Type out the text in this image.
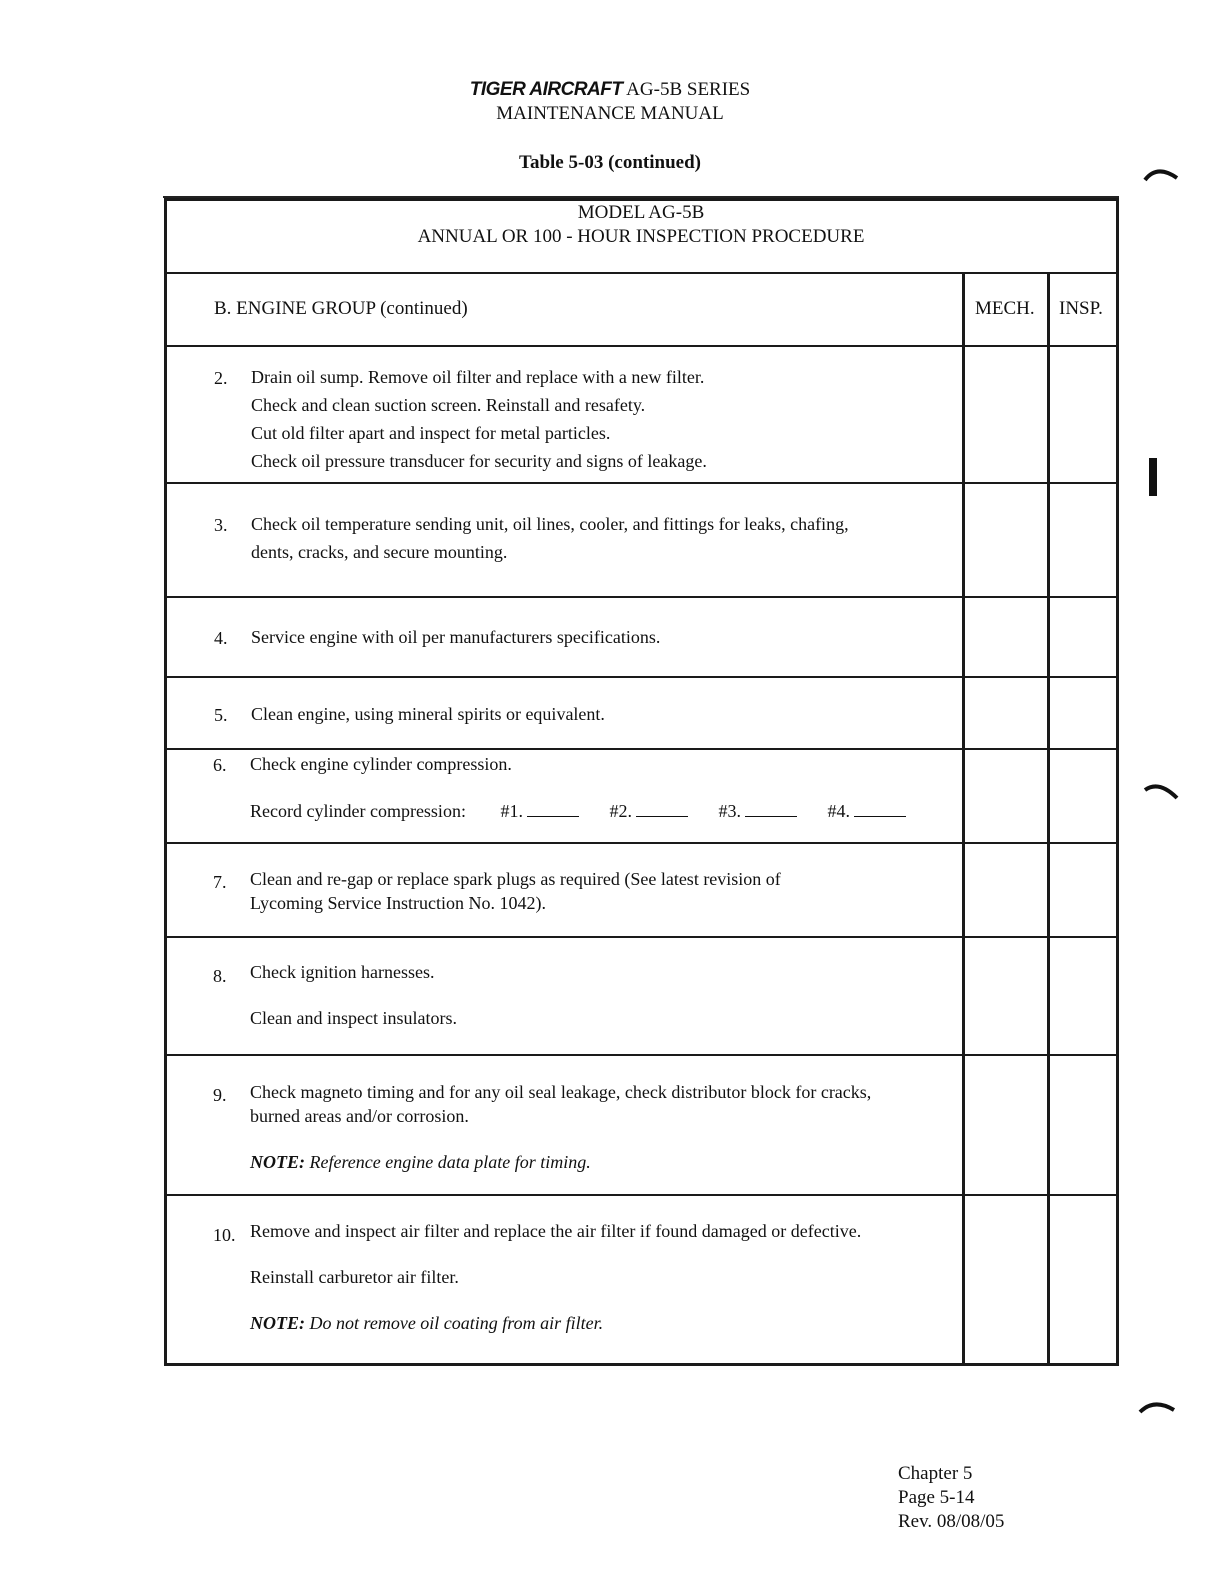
TIGER AIRCRAFT AG-5B SERIES
MAINTENANCE MANUAL
Table 5-03 (continued)
MODEL AG-5B
ANNUAL OR 100 - HOUR INSPECTION PROCEDURE
B. ENGINE GROUP (continued)	MECH. INSP.
2. Drain oil sump. Remove oil filter and replace with a new filter.
Check and clean suction screen. Reinstall and resafety.
Cut old filter apart and inspect for metal particles.
Check oil pressure transducer for security and signs of leakage.
3. Check oil temperature sending unit, oil lines, cooler, and fittings for leaks, chafing,
dents, cracks, and secure mounting.
4. Service engine with oil per manufacturers specifications.
5. Clean engine, using mineral spirits or equivalent.
6. Check engine cylinder compression.
Record cylinder compression: #1.	#2.	#3.	#4.
7. Clean and re-gap or replace spark plugs as required (See latest revision of
Lycoming Service Instruction No. 1042).
8. Check ignition harnesses.
Clean and inspect insulators.
9. Check magneto timing and for any oil seal leakage, check distributor block for cracks,
burned areas and/or corrosion.
NOTE: Reference engine data plate for timing.
10. Remove and inspect air filter and replace the air filter if found damaged or defective.
Reinstall carburetor air filter.
NOTE: Do not remove oil coating from air filter.
Chapter 5
Page 5-14
Rev. 08/08/05
